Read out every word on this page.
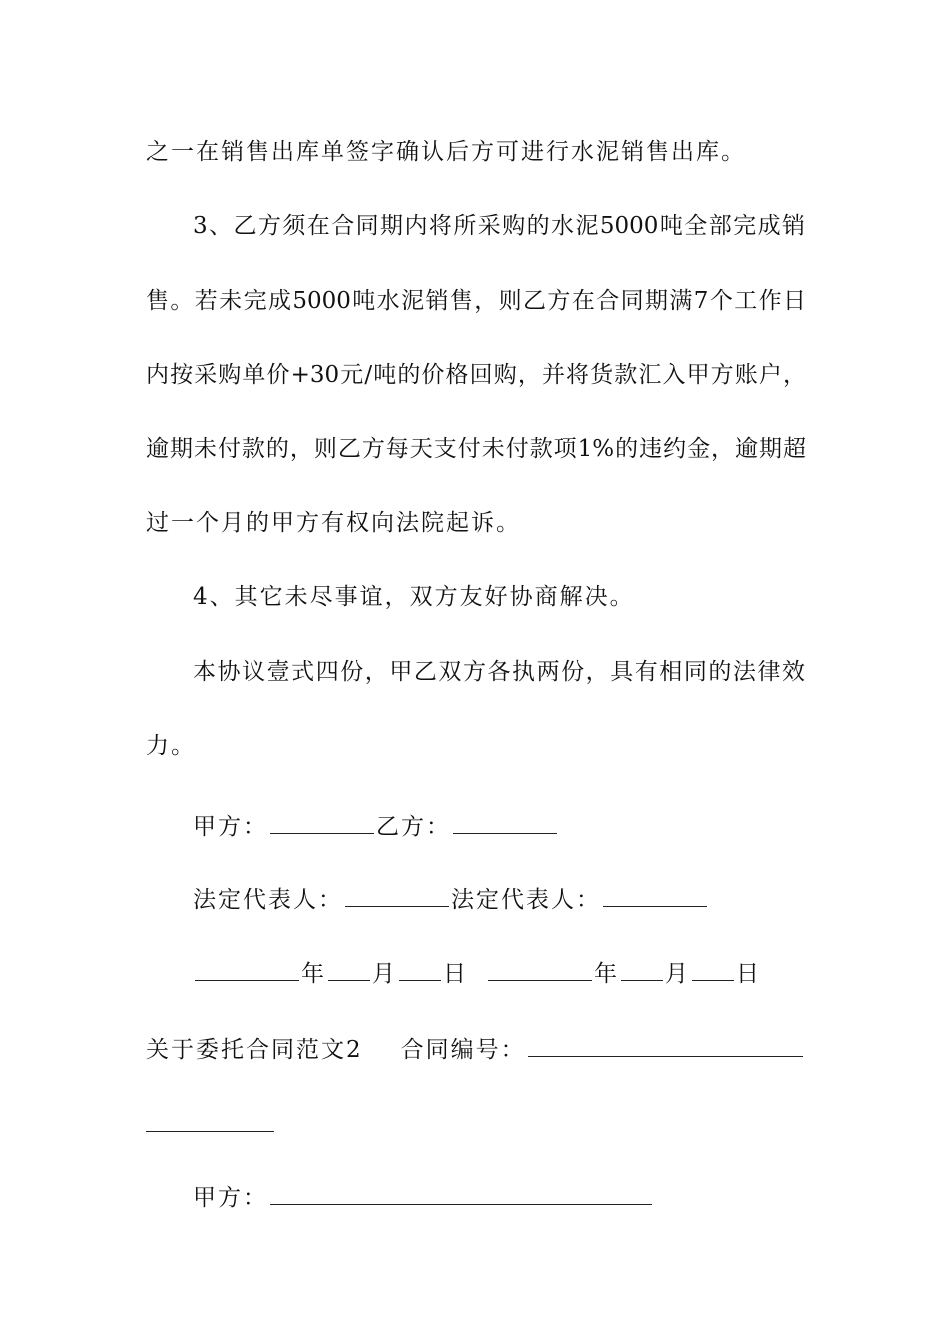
之一在销售出库单签字确认后方可进行水泥销售出库。
3、乙方须在合同期内将所采购的水泥5000吨全部完成销
售。若未完成5000吨水泥销售，则乙方在合同期满7个工作日
内按采购单价+30元/吨的价格回购，并将货款汇入甲方账户，
逾期未付款的，则乙方每天支付未付款项1%的违约金，逾期超
过一个月的甲方有权向法院起诉。
4、其它未尽事谊，双方友好协商解决。
本协议壹式四份，甲乙双方各执两份，具有相同的法律效
力。
甲方：	乙方：
法定代表人：	法定代表人：
年 月 日	年 月 日
关于委托合同范文2 合同编号：
甲方：
